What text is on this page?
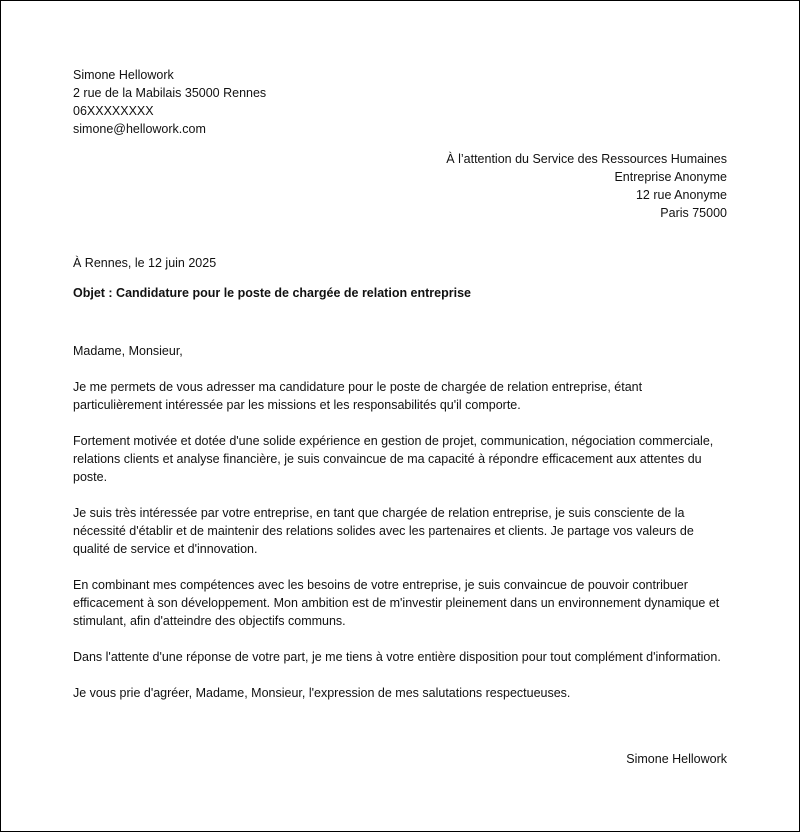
Simone Hellowork
2 rue de la Mabilais 35000 Rennes
06XXXXXXXX
simone@hellowork.com
À l’attention du Service des Ressources Humaines
Entreprise Anonyme
12 rue Anonyme
Paris 75000
À Rennes, le 12 juin 2025
Objet : Candidature pour le poste de chargée de relation entreprise

Madame, Monsieur,

Je me permets de vous adresser ma candidature pour le poste de chargée de relation entreprise, étant particulièrement intéressée par les missions et les responsabilités qu'il comporte.

Fortement motivée et dotée d'une solide expérience en gestion de projet, communication, négociation commerciale, relations clients et analyse financière, je suis convaincue de ma capacité à répondre efficacement aux attentes du poste.

Je suis très intéressée par votre entreprise, en tant que chargée de relation entreprise, je suis consciente de la nécessité d'établir et de maintenir des relations solides avec les partenaires et clients. Je partage vos valeurs de qualité de service et d'innovation.

En combinant mes compétences avec les besoins de votre entreprise, je suis convaincue de pouvoir contribuer efficacement à son développement. Mon ambition est de m'investir pleinement dans un environnement dynamique et stimulant, afin d'atteindre des objectifs communs.

Dans l'attente d'une réponse de votre part, je me tiens à votre entière disposition pour tout complément d'information.

Je vous prie d'agréer, Madame, Monsieur, l'expression de mes salutations respectueuses.

Simone Hellowork
